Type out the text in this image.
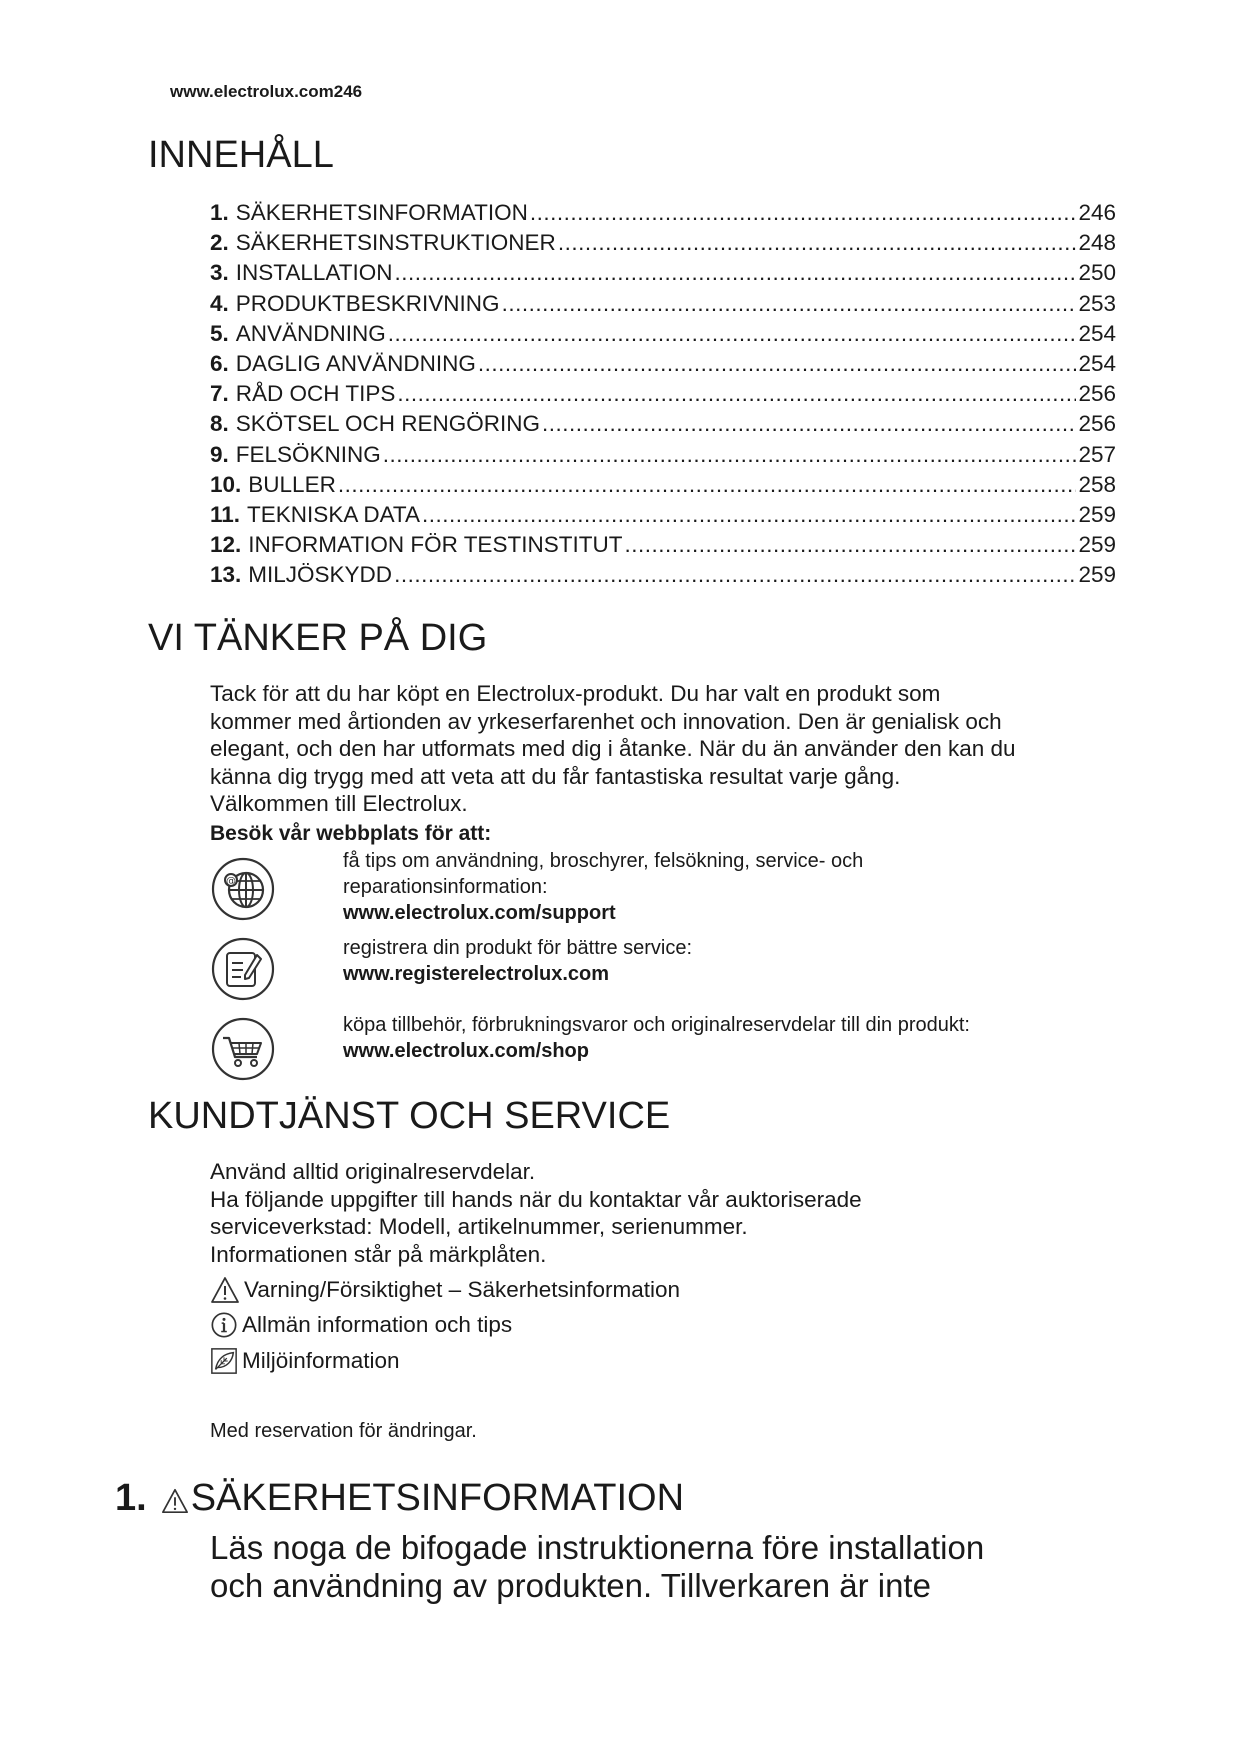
www.electrolux.com246
INNEHÅLL
1. SÄKERHETSINFORMATION .....	246
2. SÄKERHETSINSTRUKTIONER .....	248
3. INSTALLATION .....	250
4. PRODUKTBESKRIVNING .....	253
5. ANVÄNDNING .....	254
6. DAGLIG ANVÄNDNING .....	254
7. RÅD OCH TIPS .....	256
8. SKÖTSEL OCH RENGÖRING .....	256
9. FELSÖKNING .....	257
10. BULLER .....	258
11. TEKNISKA DATA .....	259
12. INFORMATION FÖR TESTINSTITUT .....	259
13. MILJÖSKYDD .....	259
VI TÄNKER PÅ DIG
Tack för att du har köpt en Electrolux-produkt. Du har valt en produkt som
kommer med årtionden av yrkeserfarenhet och innovation. Den är genialisk och
elegant, och den har utformats med dig i åtanke. När du än använder den kan du
känna dig trygg med att veta att du får fantastiska resultat varje gång.
Välkommen till Electrolux.
Besök vår webbplats för att:
@
få tips om användning, broschyrer, felsökning, service- och
reparationsinformation:
www.electrolux.com/support
registrera din produkt för bättre service:
www.registerelectrolux.com
köpa tillbehör, förbrukningsvaror och originalreservdelar till din produkt:
www.electrolux.com/shop
KUNDTJÄNST OCH SERVICE
Använd alltid originalreservdelar.
Ha följande uppgifter till hands när du kontaktar vår auktoriserade
serviceverkstad: Modell, artikelnummer, serienummer.
Informationen står på märkplåten.
Varning/Försiktighet – Säkerhetsinformation
Allmän information och tips
Miljöinformation
Med reservation för ändringar.
1. SÄKERHETSINFORMATION
Läs noga de bifogade instruktionerna före installation
och användning av produkten. Tillverkaren är inte
